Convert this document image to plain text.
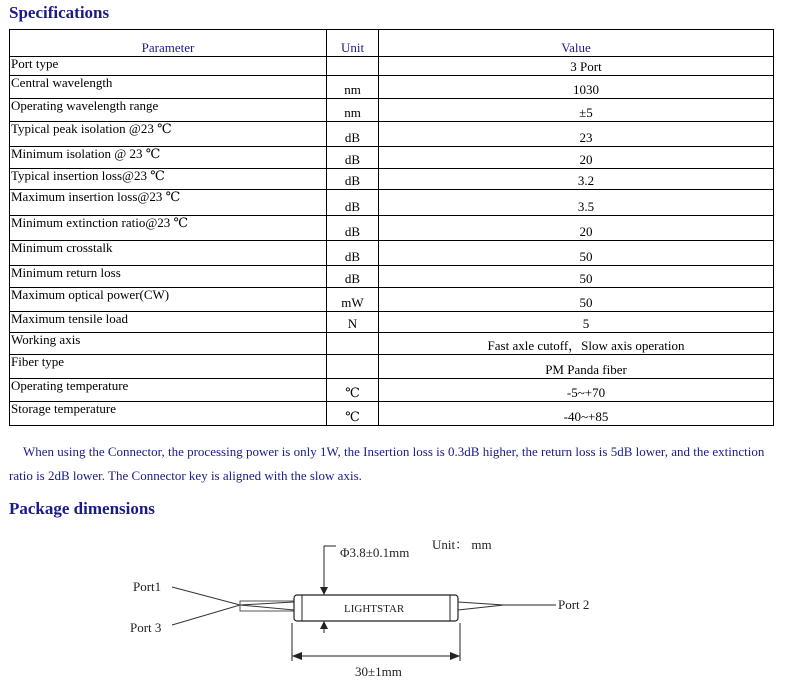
Specifications
Parameter	Unit	Value
Port type		3 Port
Central wavelength	nm	1030
Operating wavelength range	nm	±5
Typical peak isolation @23 ℃	dB	23
Minimum isolation @ 23 ℃	dB	20
Typical insertion loss@23 ℃	dB	3.2
Maximum insertion loss@23 ℃	dB	3.5
Minimum extinction ratio@23 ℃	dB	20
Minimum crosstalk	dB	50
Minimum return loss	dB	50
Maximum optical power(CW)	mW	50
Maximum tensile load	N	5
Working axis		Fast axle cutoff，Slow axis operation
Fiber type		PM Panda fiber
Operating temperature	℃	-5~+70
Storage temperature	℃	-40~+85

When using the Connector, the processing power is only 1W, the Insertion loss is 0.3dB higher, the return loss is 5dB lower, and the extinction ratio is 2dB lower. The Connector key is aligned with the slow axis.

Package dimensions
Unit： mm
Φ3.8±0.1mm
Port1
Port 3
LIGHTSTAR	Port 2
30±1mm
